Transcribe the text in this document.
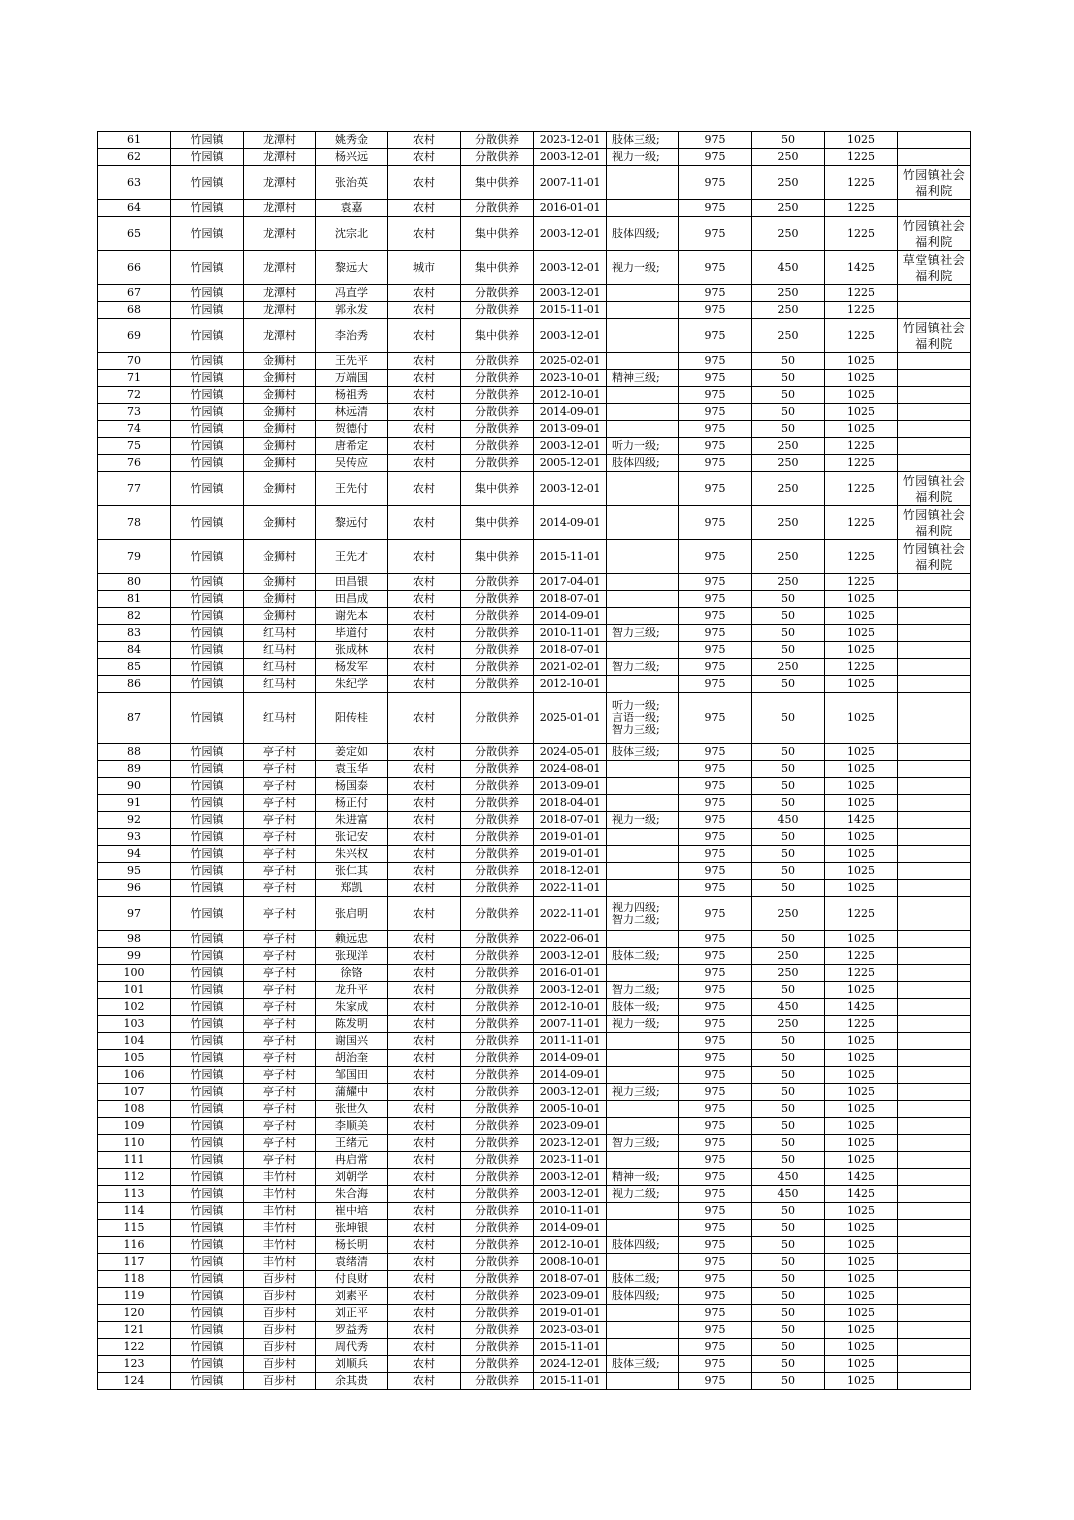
61	竹园镇	龙潭村	姚秀金	农村	分散供养	2023-12-01	肢体三级;	975	50	1025	
62	竹园镇	龙潭村	杨兴远	农村	分散供养	2003-12-01	视力一级;	975	250	1225	
63	竹园镇	龙潭村	张治英	农村	集中供养	2007-11-01		975	250	1225	竹园镇社会福利院
64	竹园镇	龙潭村	袁嘉	农村	分散供养	2016-01-01		975	250	1225	
65	竹园镇	龙潭村	沈宗北	农村	集中供养	2003-12-01	肢体四级;	975	250	1225	竹园镇社会福利院
66	竹园镇	龙潭村	黎远大	城市	集中供养	2003-12-01	视力一级;	975	450	1425	草堂镇社会福利院
67	竹园镇	龙潭村	冯直学	农村	分散供养	2003-12-01		975	250	1225	
68	竹园镇	龙潭村	郭永发	农村	分散供养	2015-11-01		975	250	1225	
69	竹园镇	龙潭村	李治秀	农村	集中供养	2003-12-01		975	250	1225	竹园镇社会福利院
70	竹园镇	金狮村	王先平	农村	分散供养	2025-02-01		975	50	1025	
71	竹园镇	金狮村	万端国	农村	分散供养	2023-10-01	精神三级;	975	50	1025	
72	竹园镇	金狮村	杨祖秀	农村	分散供养	2012-10-01		975	50	1025	
73	竹园镇	金狮村	林远清	农村	分散供养	2014-09-01		975	50	1025	
74	竹园镇	金狮村	贺德付	农村	分散供养	2013-09-01		975	50	1025	
75	竹园镇	金狮村	唐希定	农村	分散供养	2003-12-01	听力一级;	975	250	1225	
76	竹园镇	金狮村	吴传应	农村	分散供养	2005-12-01	肢体四级;	975	250	1225	
77	竹园镇	金狮村	王先付	农村	集中供养	2003-12-01		975	250	1225	竹园镇社会福利院
78	竹园镇	金狮村	黎远付	农村	集中供养	2014-09-01		975	250	1225	竹园镇社会福利院
79	竹园镇	金狮村	王先才	农村	集中供养	2015-11-01		975	250	1225	竹园镇社会福利院
80	竹园镇	金狮村	田昌银	农村	分散供养	2017-04-01		975	250	1225	
81	竹园镇	金狮村	田昌成	农村	分散供养	2018-07-01		975	50	1025	
82	竹园镇	金狮村	谢先本	农村	分散供养	2014-09-01		975	50	1025	
83	竹园镇	红马村	毕道付	农村	分散供养	2010-11-01	智力三级;	975	50	1025	
84	竹园镇	红马村	张成林	农村	分散供养	2018-07-01		975	50	1025	
85	竹园镇	红马村	杨发军	农村	分散供养	2021-02-01	智力二级;	975	250	1225	
86	竹园镇	红马村	朱纪学	农村	分散供养	2012-10-01		975	50	1025	
87	竹园镇	红马村	阳传桂	农村	分散供养	2025-01-01	听力一级;
言语一级;
智力三级;	975	50	1025	
88	竹园镇	亭子村	姜定如	农村	分散供养	2024-05-01	肢体三级;	975	50	1025	
89	竹园镇	亭子村	袁玉华	农村	分散供养	2024-08-01		975	50	1025	
90	竹园镇	亭子村	杨国泰	农村	分散供养	2013-09-01		975	50	1025	
91	竹园镇	亭子村	杨正付	农村	分散供养	2018-04-01		975	50	1025	
92	竹园镇	亭子村	朱进富	农村	分散供养	2018-07-01	视力一级;	975	450	1425	
93	竹园镇	亭子村	张记安	农村	分散供养	2019-01-01		975	50	1025	
94	竹园镇	亭子村	朱兴权	农村	分散供养	2019-01-01		975	50	1025	
95	竹园镇	亭子村	张仁其	农村	分散供养	2018-12-01		975	50	1025	
96	竹园镇	亭子村	郑凯	农村	分散供养	2022-11-01		975	50	1025	
97	竹园镇	亭子村	张启明	农村	分散供养	2022-11-01	视力四级;
智力二级;	975	250	1225	
98	竹园镇	亭子村	赖远忠	农村	分散供养	2022-06-01		975	50	1025	
99	竹园镇	亭子村	张现洋	农村	分散供养	2003-12-01	肢体二级;	975	250	1225	
100	竹园镇	亭子村	徐铬	农村	分散供养	2016-01-01		975	250	1225	
101	竹园镇	亭子村	龙升平	农村	分散供养	2003-12-01	智力二级;	975	50	1025	
102	竹园镇	亭子村	朱家成	农村	分散供养	2012-10-01	肢体一级;	975	450	1425	
103	竹园镇	亭子村	陈发明	农村	分散供养	2007-11-01	视力一级;	975	250	1225	
104	竹园镇	亭子村	谢国兴	农村	分散供养	2011-11-01		975	50	1025	
105	竹园镇	亭子村	胡治奎	农村	分散供养	2014-09-01		975	50	1025	
106	竹园镇	亭子村	邹国田	农村	分散供养	2014-09-01		975	50	1025	
107	竹园镇	亭子村	蒲耀中	农村	分散供养	2003-12-01	视力三级;	975	50	1025	
108	竹园镇	亭子村	张世久	农村	分散供养	2005-10-01		975	50	1025	
109	竹园镇	亭子村	李顺美	农村	分散供养	2023-09-01		975	50	1025	
110	竹园镇	亭子村	王绪元	农村	分散供养	2023-12-01	智力三级;	975	50	1025	
111	竹园镇	亭子村	冉启常	农村	分散供养	2023-11-01		975	50	1025	
112	竹园镇	丰竹村	刘朝学	农村	分散供养	2003-12-01	精神一级;	975	450	1425	
113	竹园镇	丰竹村	朱合海	农村	分散供养	2003-12-01	视力二级;	975	450	1425	
114	竹园镇	丰竹村	崔中培	农村	分散供养	2010-11-01		975	50	1025	
115	竹园镇	丰竹村	张坤银	农村	分散供养	2014-09-01		975	50	1025	
116	竹园镇	丰竹村	杨长明	农村	分散供养	2012-10-01	肢体四级;	975	50	1025	
117	竹园镇	丰竹村	袁绪清	农村	分散供养	2008-10-01		975	50	1025	
118	竹园镇	百步村	付良财	农村	分散供养	2018-07-01	肢体二级;	975	50	1025	
119	竹园镇	百步村	刘素平	农村	分散供养	2023-09-01	肢体四级;	975	50	1025	
120	竹园镇	百步村	刘正平	农村	分散供养	2019-01-01		975	50	1025	
121	竹园镇	百步村	罗益秀	农村	分散供养	2023-03-01		975	50	1025	
122	竹园镇	百步村	周代秀	农村	分散供养	2015-11-01		975	50	1025	
123	竹园镇	百步村	刘顺兵	农村	分散供养	2024-12-01	肢体三级;	975	50	1025	
124	竹园镇	百步村	余其贵	农村	分散供养	2015-11-01		975	50	1025	
